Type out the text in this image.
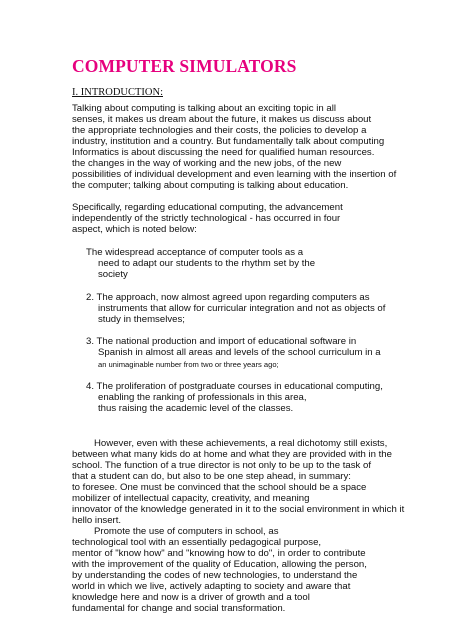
COMPUTER SIMULATORS
I. INTRODUCTION:

Talking about computing is talking about an exciting topic in all

senses, it makes us dream about the future, it makes us discuss about

the appropriate technologies and their costs, the policies to develop a

industry, institution and a country. But fundamentally talk about computing

Informatics is about discussing the need for qualified human resources.

the changes in the way of working and the new jobs, of the new

possibilities of individual development and even learning with the insertion of

the computer; talking about computing is talking about education.

Specifically, regarding educational computing, the advancement

independently of the strictly technological - has occurred in four

aspect, which is noted below:

The widespread acceptance of computer tools as a

need to adapt our students to the rhythm set by the

society

2. The approach, now almost agreed upon regarding computers as

instruments that allow for curricular integration and not as objects of

study in themselves;

3. The national production and import of educational software in

Spanish in almost all areas and levels of the school curriculum in a

an unimaginable number from two or three years ago;

4. The proliferation of postgraduate courses in educational computing,

enabling the ranking of professionals in this area,

thus raising the academic level of the classes.

However, even with these achievements, a real dichotomy still exists,

between what many kids do at home and what they are provided with in the

school. The function of a true director is not only to be up to the task of

that a student can do, but also to be one step ahead, in summary:

to foresee. One must be convinced that the school should be a space

mobilizer of intellectual capacity, creativity, and meaning

innovator of the knowledge generated in it to the social environment in which it

hello insert.

Promote the use of computers in school, as

technological tool with an essentially pedagogical purpose,

mentor of "know how" and "knowing how to do", in order to contribute

with the improvement of the quality of Education, allowing the person,

by understanding the codes of new technologies, to understand the

world in which we live, actively adapting to society and aware that

knowledge here and now is a driver of growth and a tool

fundamental for change and social transformation.
